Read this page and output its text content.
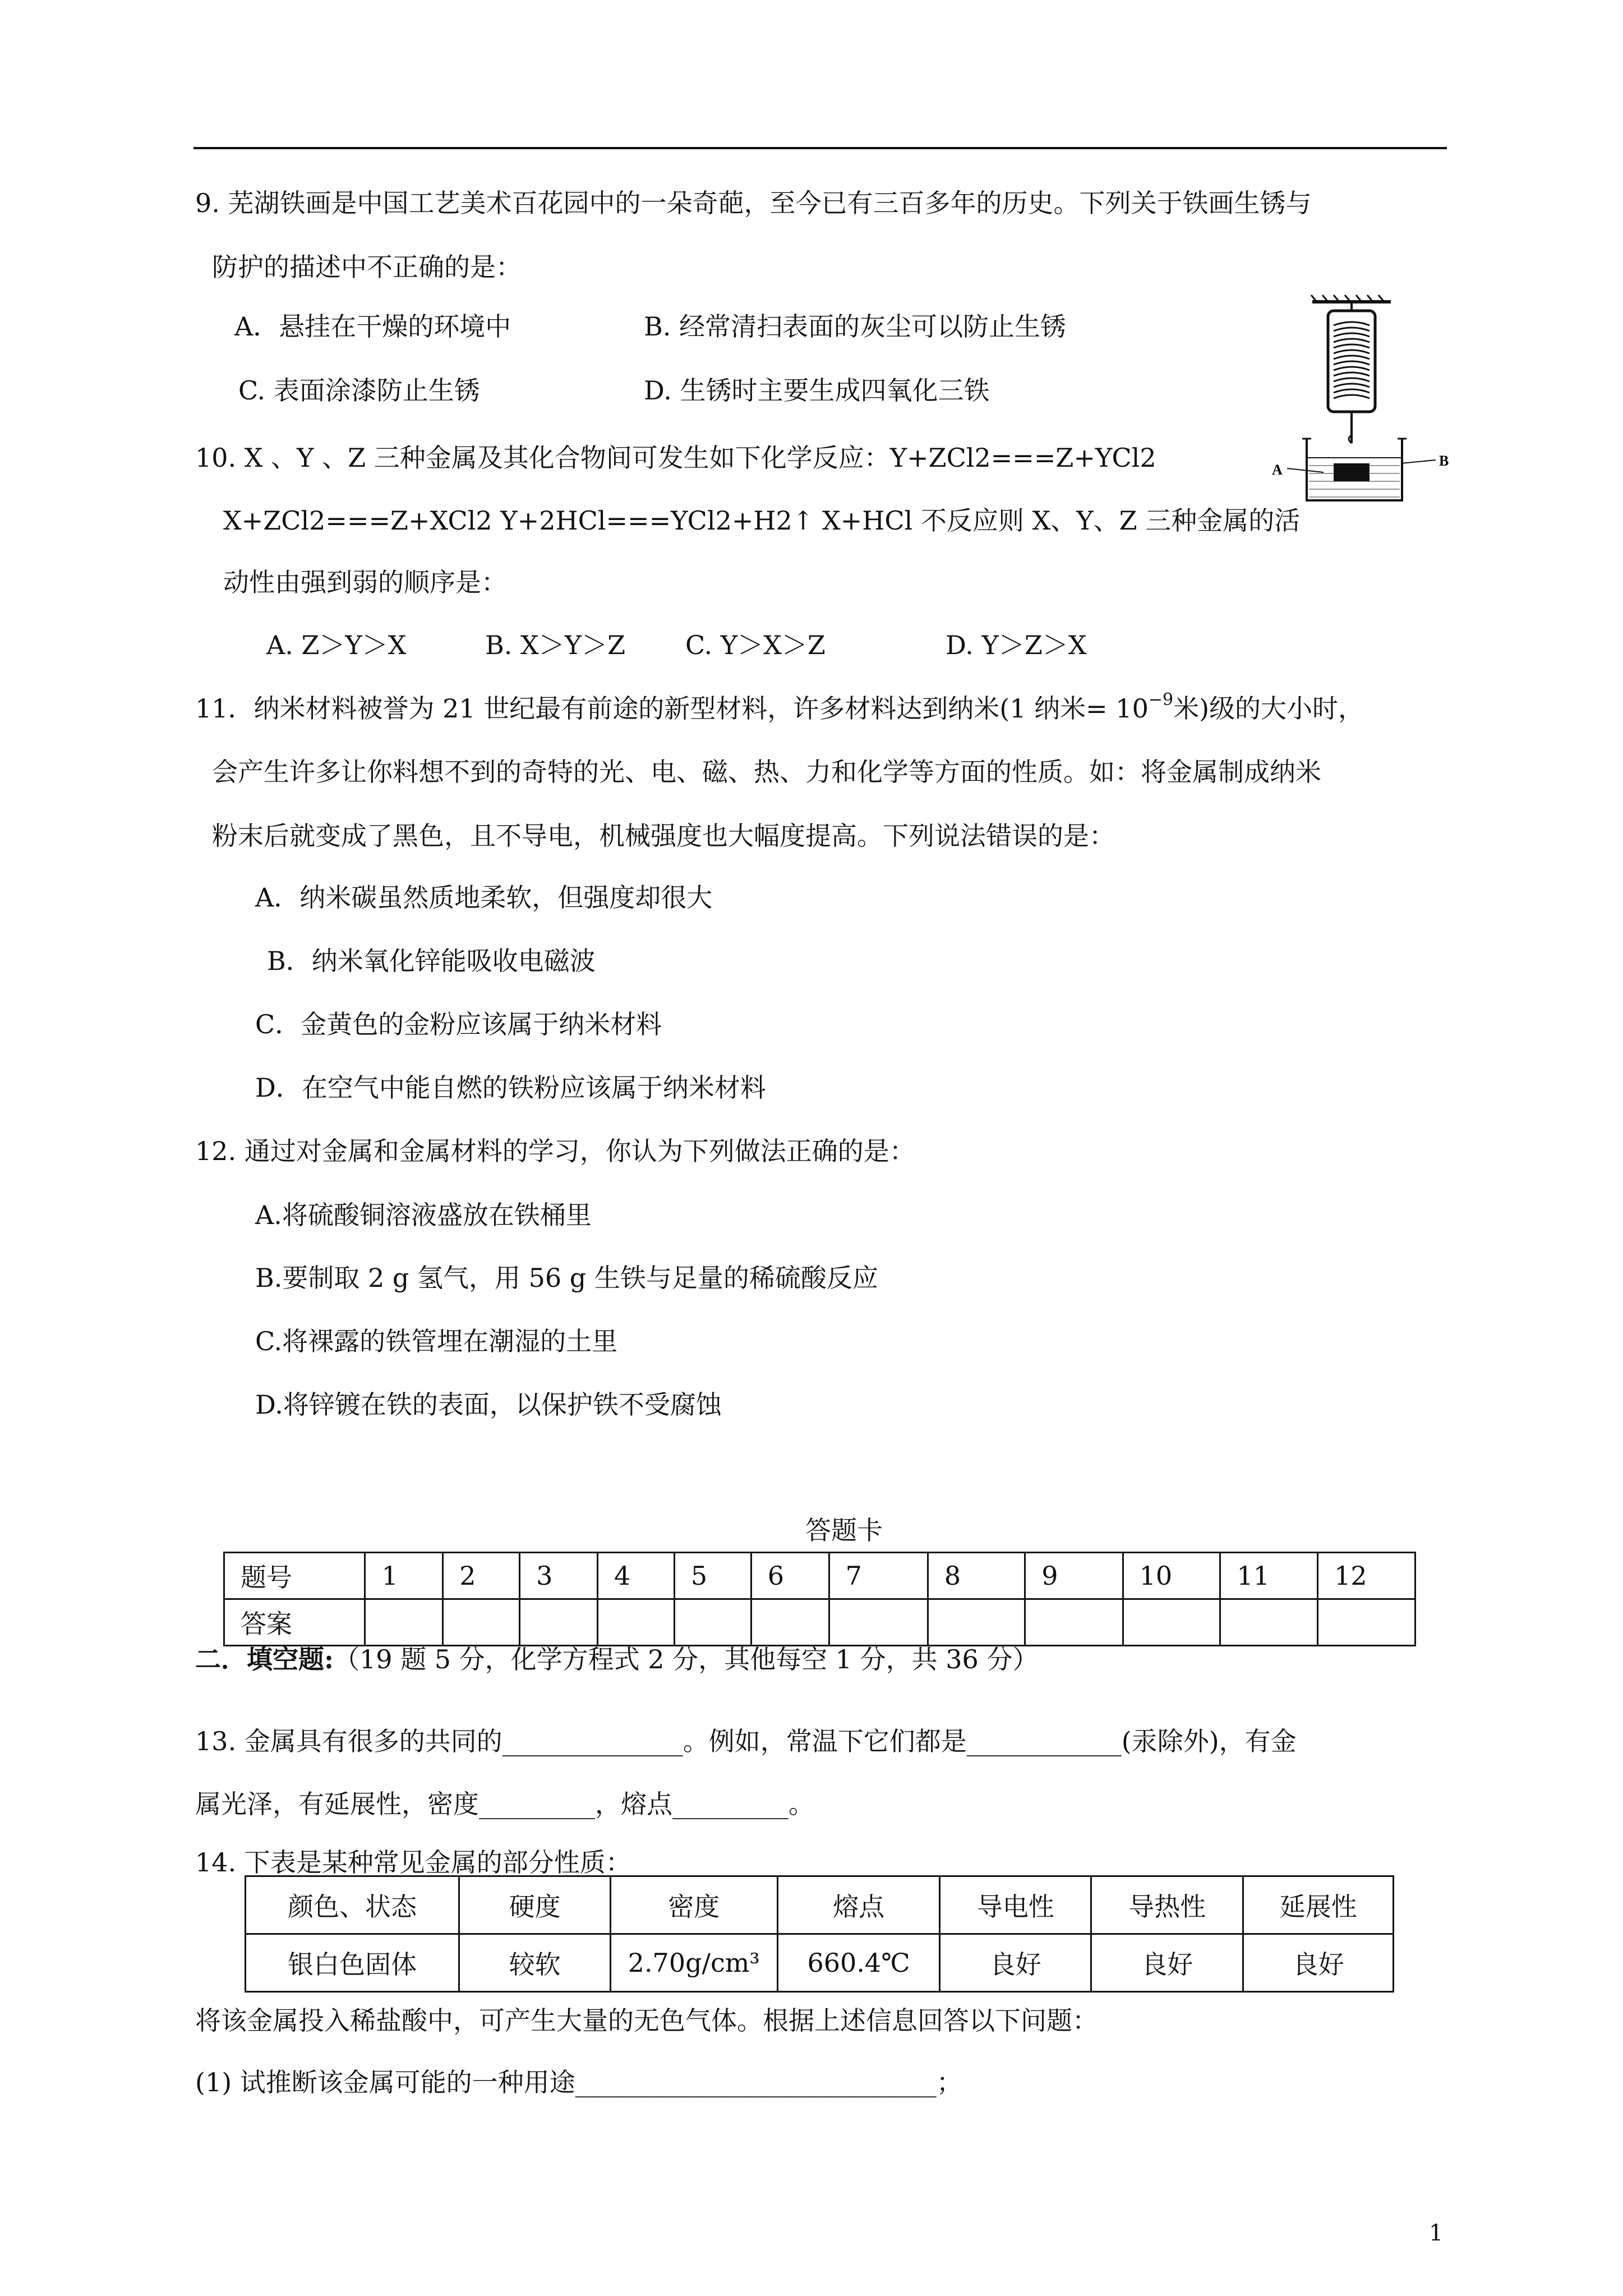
9. 芜湖铁画是中国工艺美术百花园中的一朵奇葩，至今已有三百多年的历史。下列关于铁画生锈与
防护的描述中不正确的是：
A．悬挂在干燥的环境中	B. 经常清扫表面的灰尘可以防止生锈
C. 表面涂漆防止生锈	D. 生锈时主要生成四氧化三铁
A
B
10. X 、Y 、Z 三种金属及其化合物间可发生如下化学反应：Y+ZCl2===Z+YCl2
X+ZCl2===Z+XCl2 Y+2HCl===YCl2+H2↑ X+HCl 不反应则 X、Y、Z 三种金属的活
动性由强到弱的顺序是：
A. Z＞Y＞X	B. X＞Y＞Z C. Y＞X＞Z	D. Y＞Z＞X
11．纳米材料被誉为 21 世纪最有前途的新型材料，许多材料达到纳米(1 纳米= $10^{-9}$米)级的大小时，
会产生许多让你料想不到的奇特的光、电、磁、热、力和化学等方面的性质。如：将金属制成纳米
粉末后就变成了黑色，且不导电，机械强度也大幅度提高。下列说法错误的是：
A．纳米碳虽然质地柔软，但强度却很大
B．纳米氧化锌能吸收电磁波
C．金黄色的金粉应该属于纳米材料
D．在空气中能自燃的铁粉应该属于纳米材料
12. 通过对金属和金属材料的学习，你认为下列做法正确的是：
A.将硫酸铜溶液盛放在铁桶里
B.要制取 2 g 氢气，用 56 g 生铁与足量的稀硫酸反应
C.将裸露的铁管埋在潮湿的土里
D.将锌镀在铁的表面，以保护铁不受腐蚀
答题卡
题号	1	2	3	4	5	6	7	8	9	10	11	12
答案												
二．填空题:（19 题 5 分，化学方程式 2 分，其他每空 1 分，共 36 分）
13. 金属具有很多的共同的______________。例如，常温下它们都是____________(汞除外)，有金
属光泽，有延展性，密度_________，熔点_________。
14. 下表是某种常见金属的部分性质：
颜色、状态	硬度	密度	熔点	导电性	导热性	延展性
银白色固体	较软	2.70g/cm³	660.4℃	良好	良好	良好
将该金属投入稀盐酸中，可产生大量的无色气体。根据上述信息回答以下问题：
(1) 试推断该金属可能的一种用途____________________________；
1
